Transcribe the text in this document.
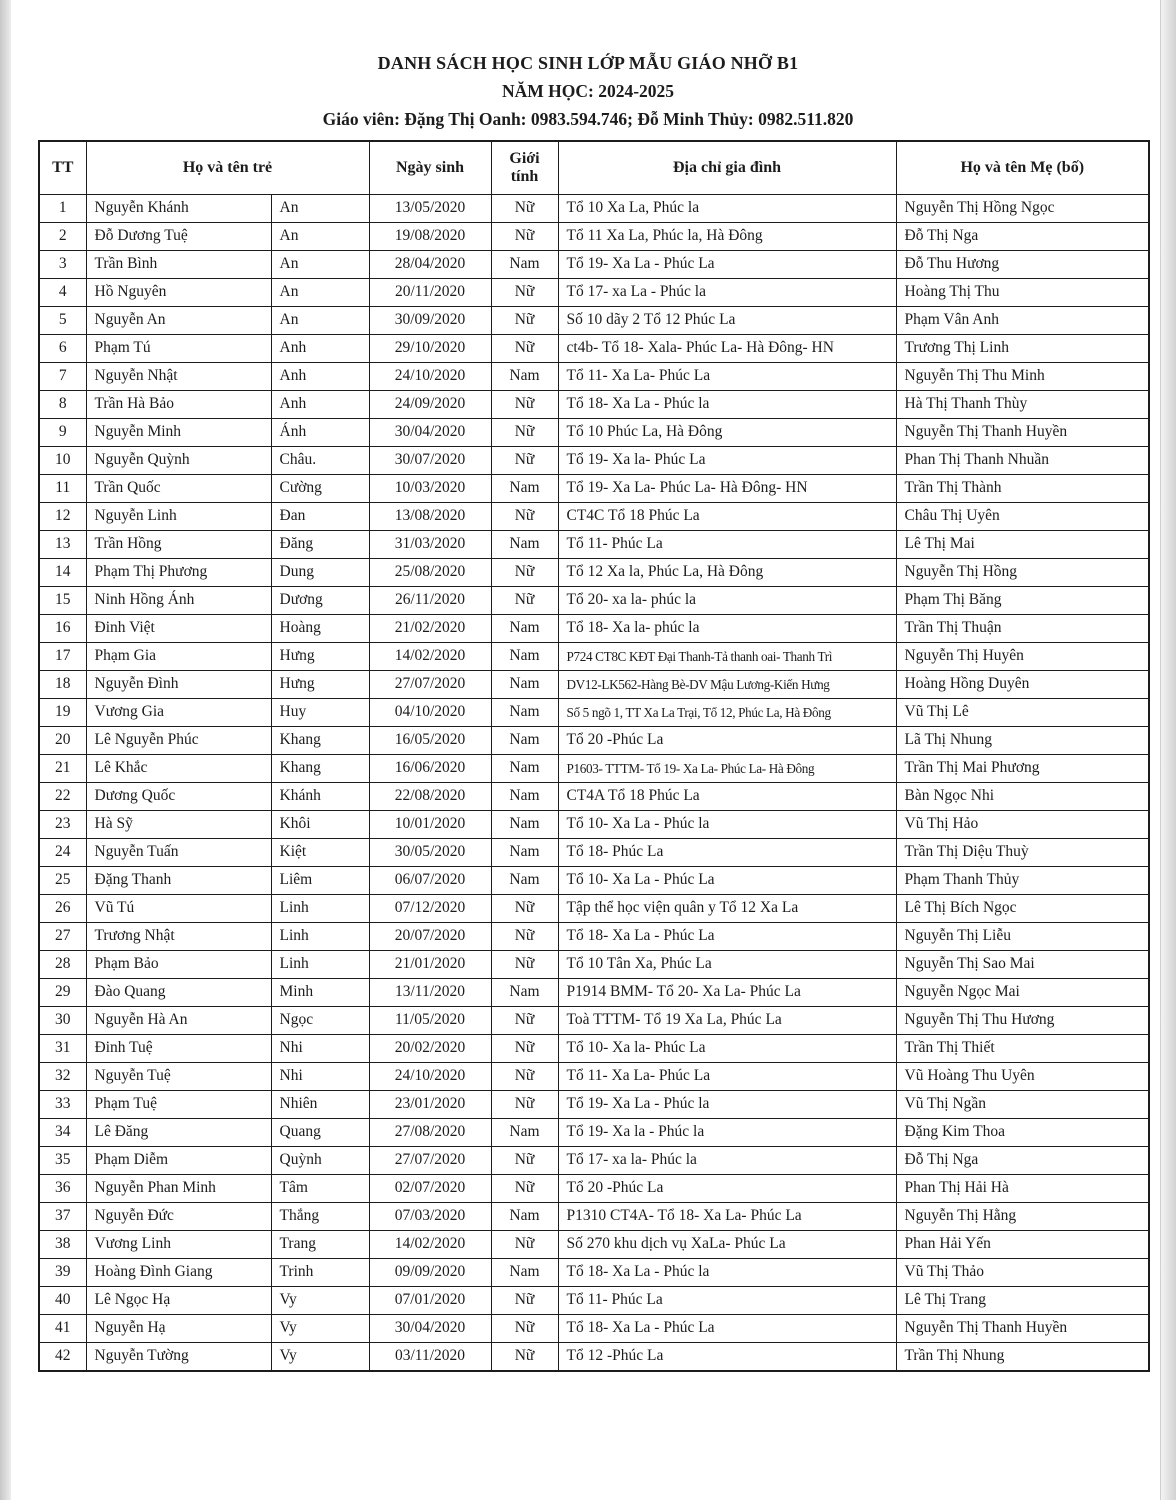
DANH SÁCH HỌC SINH LỚP MẪU GIÁO NHỠ B1
NĂM HỌC: 2024-2025
Giáo viên: Đặng Thị Oanh: 0983.594.746; Đỗ Minh Thủy: 0982.511.820
TT	Họ và tên trẻ		Ngày sinh	Giới tính	Địa chỉ gia đình	Họ và tên Mẹ (bố)
1	Nguyễn Khánh	An	13/05/2020	Nữ	Tổ 10 Xa La, Phúc la	Nguyễn Thị Hồng Ngọc
2	Đỗ Dương Tuệ	An	19/08/2020	Nữ	Tổ 11 Xa La, Phúc la, Hà Đông	Đỗ Thị Nga
3	Trần Bình	An	28/04/2020	Nam	Tổ 19- Xa La - Phúc La	Đỗ Thu Hương
4	Hồ Nguyên	An	20/11/2020	Nữ	Tổ 17- xa La - Phúc la	Hoàng Thị Thu
5	Nguyễn An	An	30/09/2020	Nữ	Số 10 dãy 2 Tổ 12 Phúc La	Phạm Vân Anh
6	Phạm Tú	Anh	29/10/2020	Nữ	ct4b- Tổ 18- Xala- Phúc La- Hà Đông- HN	Trương Thị Linh
7	Nguyễn Nhật	Anh	24/10/2020	Nam	Tổ 11- Xa La- Phúc La	Nguyễn Thị Thu Minh
8	Trần Hà Bảo	Anh	24/09/2020	Nữ	Tổ 18- Xa La - Phúc la	Hà Thị Thanh Thùy
9	Nguyễn Minh	Ánh	30/04/2020	Nữ	Tổ 10 Phúc La, Hà Đông	Nguyễn Thị Thanh Huyền
10	Nguyễn Quỳnh	Châu.	30/07/2020	Nữ	Tổ 19- Xa la- Phúc La	Phan Thị Thanh Nhuần
11	Trần Quốc	Cường	10/03/2020	Nam	Tổ 19- Xa La- Phúc La- Hà Đông- HN	Trần Thị Thành
12	Nguyễn Linh	Đan	13/08/2020	Nữ	CT4C Tổ 18 Phúc La	Châu Thị Uyên
13	Trần Hồng	Đăng	31/03/2020	Nam	Tổ 11- Phúc La	Lê Thị Mai
14	Phạm Thị Phương	Dung	25/08/2020	Nữ	Tổ 12 Xa la, Phúc La, Hà Đông	Nguyễn Thị Hồng
15	Ninh Hồng Ánh	Dương	26/11/2020	Nữ	Tổ 20- xa la- phúc la	Phạm Thị Băng
16	Đinh Việt	Hoàng	21/02/2020	Nam	Tổ 18- Xa la- phúc la	Trần Thị Thuận
17	Phạm Gia	Hưng	14/02/2020	Nam	P724 CT8C KĐT Đại Thanh-Tả thanh oai- Thanh Trì	Nguyễn Thị Huyên
18	Nguyễn Đình	Hưng	27/07/2020	Nam	DV12-LK562-Hàng Bè-DV Mậu Lương-Kiến Hưng	Hoàng Hồng Duyên
19	Vương Gia	Huy	04/10/2020	Nam	Số 5 ngõ 1, TT Xa La Trại, Tổ 12, Phúc La, Hà Đông	Vũ Thị Lê
20	Lê Nguyễn Phúc	Khang	16/05/2020	Nam	Tổ 20 -Phúc La	Lã Thị Nhung
21	Lê Khắc	Khang	16/06/2020	Nam	P1603- TTTM- Tổ 19- Xa La- Phúc La- Hà Đông	Trần Thị Mai Phương
22	Dương Quốc	Khánh	22/08/2020	Nam	CT4A Tổ 18 Phúc La	Bàn Ngọc Nhi
23	Hà Sỹ	Khôi	10/01/2020	Nam	Tổ 10- Xa La - Phúc la	Vũ Thị Hảo
24	Nguyễn Tuấn	Kiệt	30/05/2020	Nam	Tổ 18- Phúc La	Trần Thị Diệu Thuỳ
25	Đặng Thanh	Liêm	06/07/2020	Nam	Tổ 10- Xa La - Phúc La	Phạm Thanh Thủy
26	Vũ Tú	Linh	07/12/2020	Nữ	Tập thể học viện quân y Tổ 12 Xa La	Lê Thị Bích Ngọc
27	Trương Nhật	Linh	20/07/2020	Nữ	Tổ 18- Xa La - Phúc La	Nguyễn Thị Liễu
28	Phạm Bảo	Linh	21/01/2020	Nữ	Tổ 10 Tân Xa, Phúc La	Nguyễn Thị Sao Mai
29	Đào Quang	Minh	13/11/2020	Nam	P1914 BMM- Tổ 20- Xa La- Phúc La	Nguyễn Ngọc Mai
30	Nguyễn Hà An	Ngọc	11/05/2020	Nữ	Toà TTTM- Tổ 19 Xa La, Phúc La	Nguyễn Thị Thu Hương
31	Đinh Tuệ	Nhi	20/02/2020	Nữ	Tổ 10- Xa la- Phúc La	Trần Thị Thiết
32	Nguyễn Tuệ	Nhi	24/10/2020	Nữ	Tổ 11- Xa La- Phúc La	Vũ Hoàng Thu Uyên
33	Phạm Tuệ	Nhiên	23/01/2020	Nữ	Tổ 19- Xa La - Phúc la	Vũ Thị Ngần
34	Lê Đăng	Quang	27/08/2020	Nam	Tổ 19- Xa la - Phúc la	Đặng Kim Thoa
35	Phạm Diễm	Quỳnh	27/07/2020	Nữ	Tổ 17- xa la- Phúc la	Đỗ Thị Nga
36	Nguyễn Phan Minh	Tâm	02/07/2020	Nữ	Tổ 20 -Phúc La	Phan Thị Hải Hà
37	Nguyễn Đức	Thắng	07/03/2020	Nam	P1310 CT4A- Tổ 18- Xa La- Phúc La	Nguyễn Thị Hằng
38	Vương Linh	Trang	14/02/2020	Nữ	Số 270 khu dịch vụ XaLa- Phúc La	Phan Hải Yến
39	Hoàng Đình Giang	Trinh	09/09/2020	Nam	Tổ 18- Xa La - Phúc la	Vũ Thị Thảo
40	Lê Ngọc Hạ	Vy	07/01/2020	Nữ	Tổ 11- Phúc La	Lê Thị Trang
41	Nguyễn Hạ	Vy	30/04/2020	Nữ	Tổ 18- Xa La - Phúc La	Nguyễn Thị Thanh Huyền
42	Nguyễn Tường	Vy	03/11/2020	Nữ	Tổ 12 -Phúc La	Trần Thị Nhung
